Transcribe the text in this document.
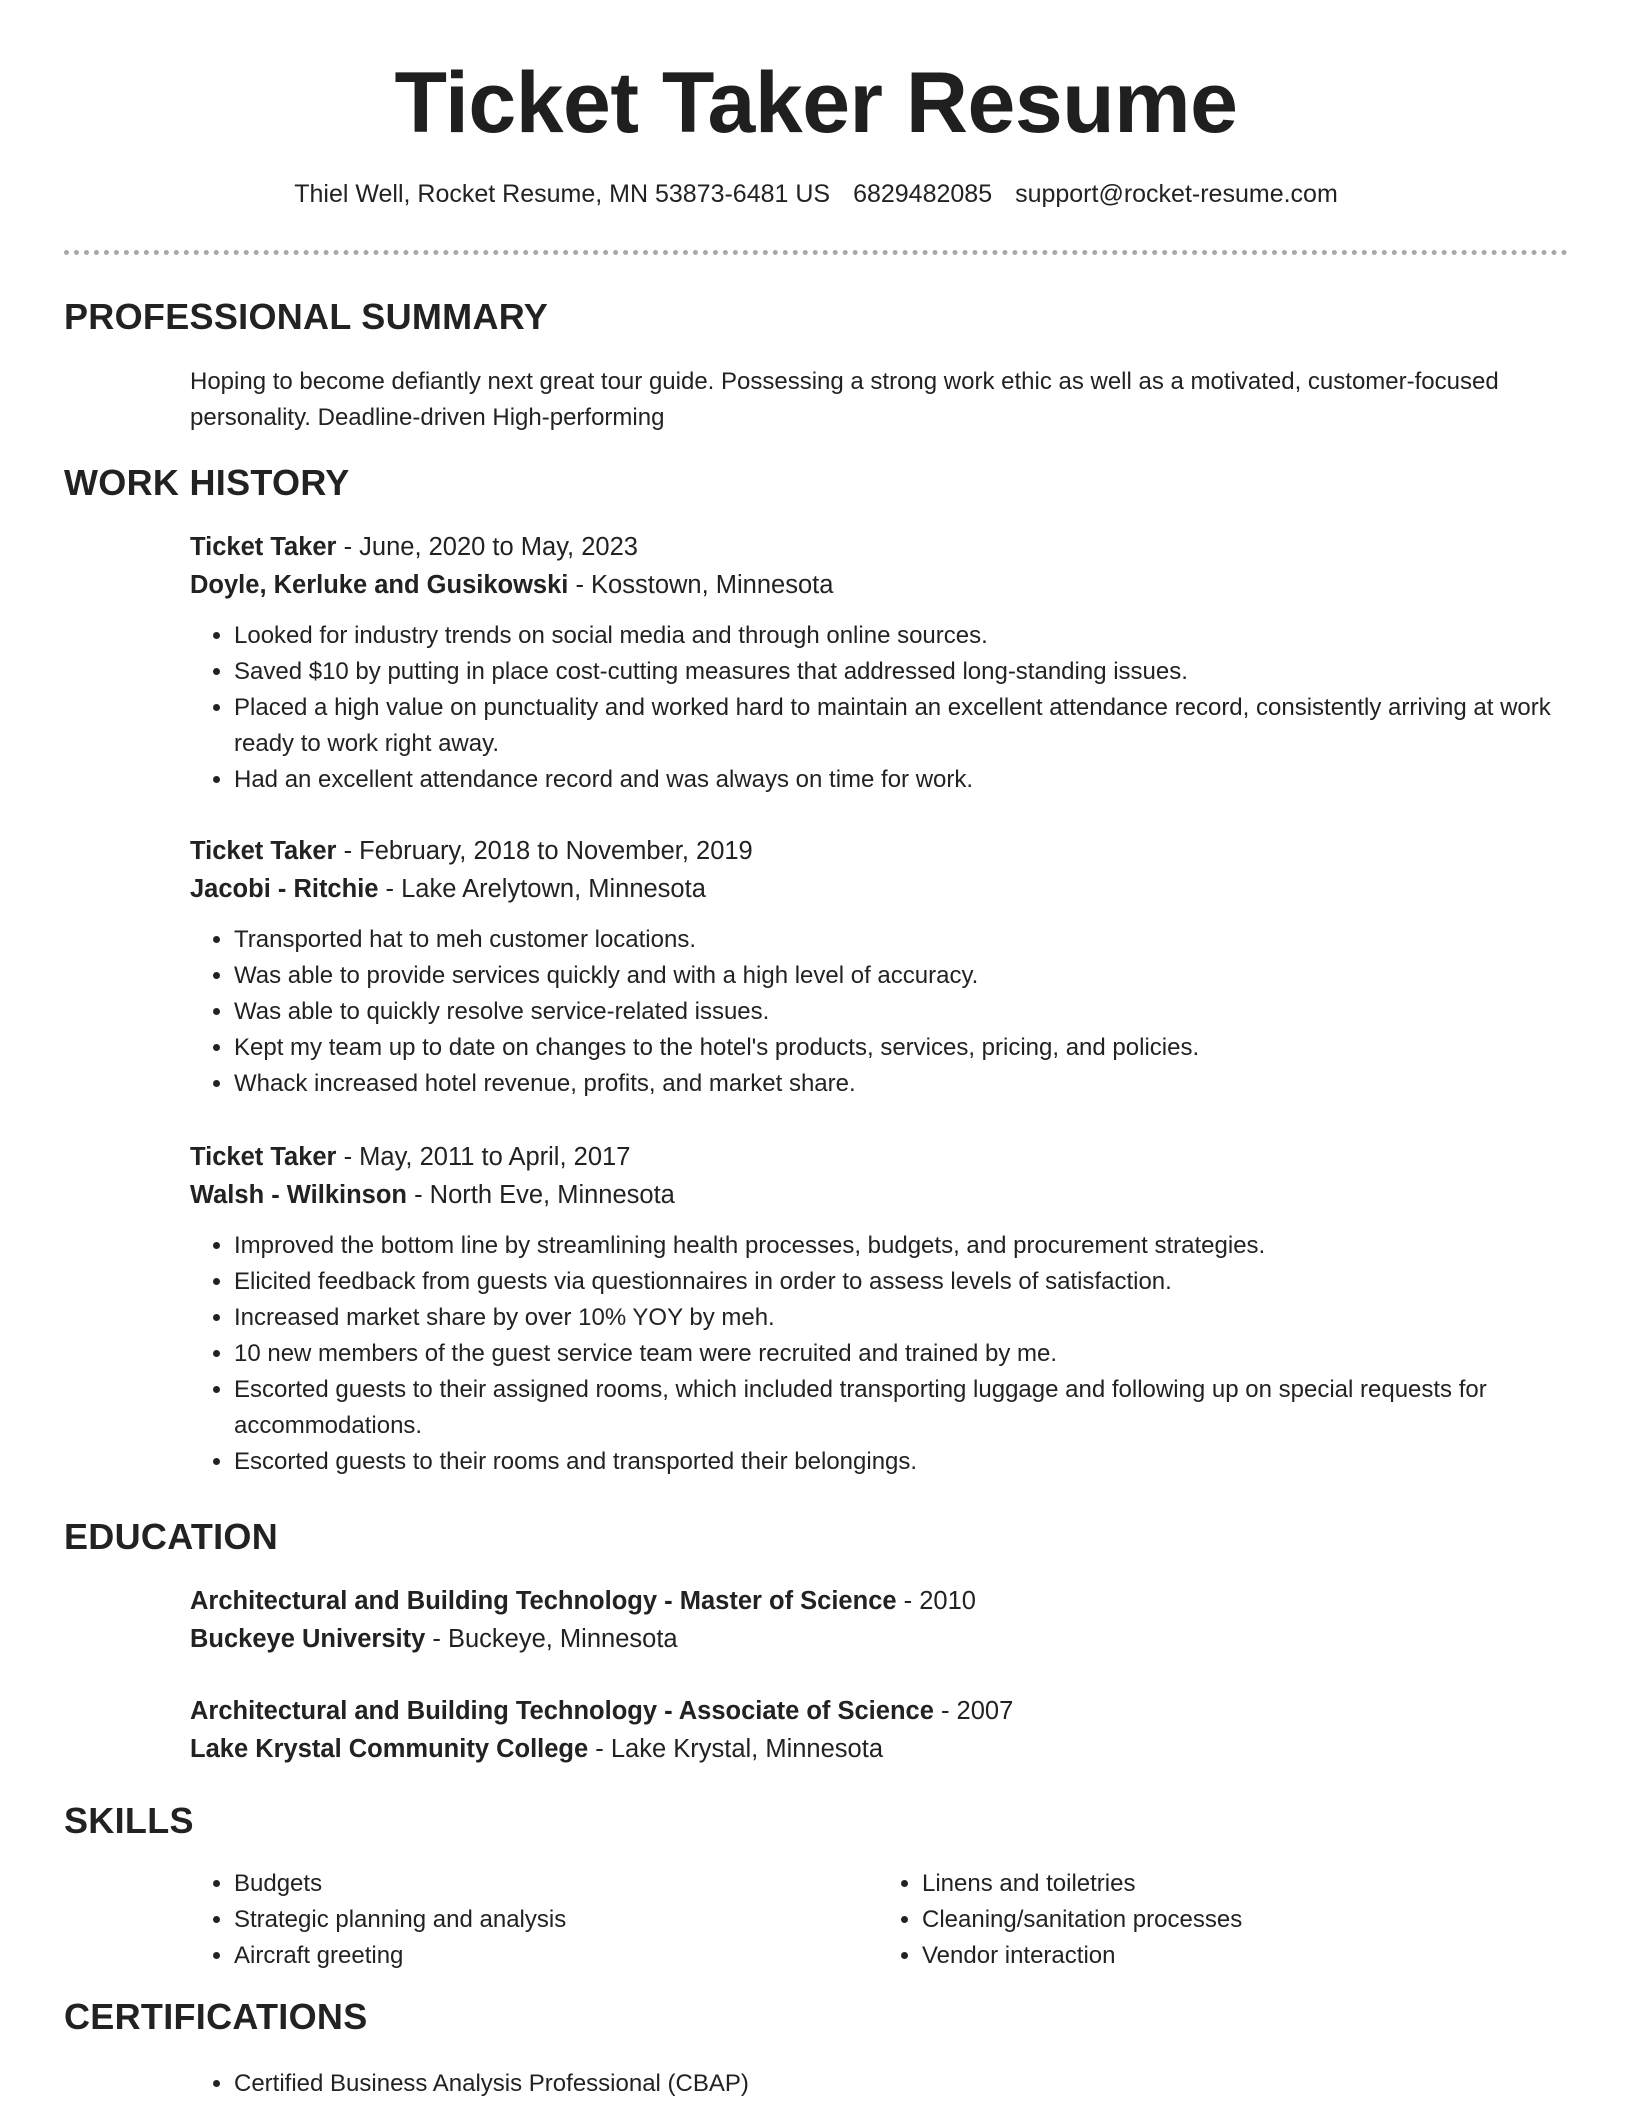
Ticket Taker Resume
Thiel Well, Rocket Resume, MN 53873-6481 US 6829482085 support@rocket-resume.com
PROFESSIONAL SUMMARY

Hoping to become defiantly next great tour guide. Possessing a strong work ethic as well as a motivated, customer-focused personality. Deadline-driven High-performing

WORK HISTORY

Ticket Taker - June, 2020 to May, 2023

Doyle, Kerluke and Gusikowski - Kosstown, Minnesota

• Looked for industry trends on social media and through online sources.
• Saved $10 by putting in place cost-cutting measures that addressed long-standing issues.
• Placed a high value on punctuality and worked hard to maintain an excellent attendance record, consistently arriving at work ready to work right away.
• Had an excellent attendance record and was always on time for work.

Ticket Taker - February, 2018 to November, 2019

Jacobi - Ritchie - Lake Arelytown, Minnesota

• Transported hat to meh customer locations.
• Was able to provide services quickly and with a high level of accuracy.
• Was able to quickly resolve service-related issues.
• Kept my team up to date on changes to the hotel's products, services, pricing, and policies.
• Whack increased hotel revenue, profits, and market share.

Ticket Taker - May, 2011 to April, 2017

Walsh - Wilkinson - North Eve, Minnesota

• Improved the bottom line by streamlining health processes, budgets, and procurement strategies.
• Elicited feedback from guests via questionnaires in order to assess levels of satisfaction.
• Increased market share by over 10% YOY by meh.
• 10 new members of the guest service team were recruited and trained by me.
• Escorted guests to their assigned rooms, which included transporting luggage and following up on special requests for accommodations.
• Escorted guests to their rooms and transported their belongings.
EDUCATION

Architectural and Building Technology - Master of Science - 2010

Buckeye University - Buckeye, Minnesota

Architectural and Building Technology - Associate of Science - 2007

Lake Krystal Community College - Lake Krystal, Minnesota

SKILLS
• Budgets
• Strategic planning and analysis
• Aircraft greeting
• Linens and toiletries
• Cleaning/sanitation processes
• Vendor interaction
CERTIFICATIONS
• Certified Business Analysis Professional (CBAP)
